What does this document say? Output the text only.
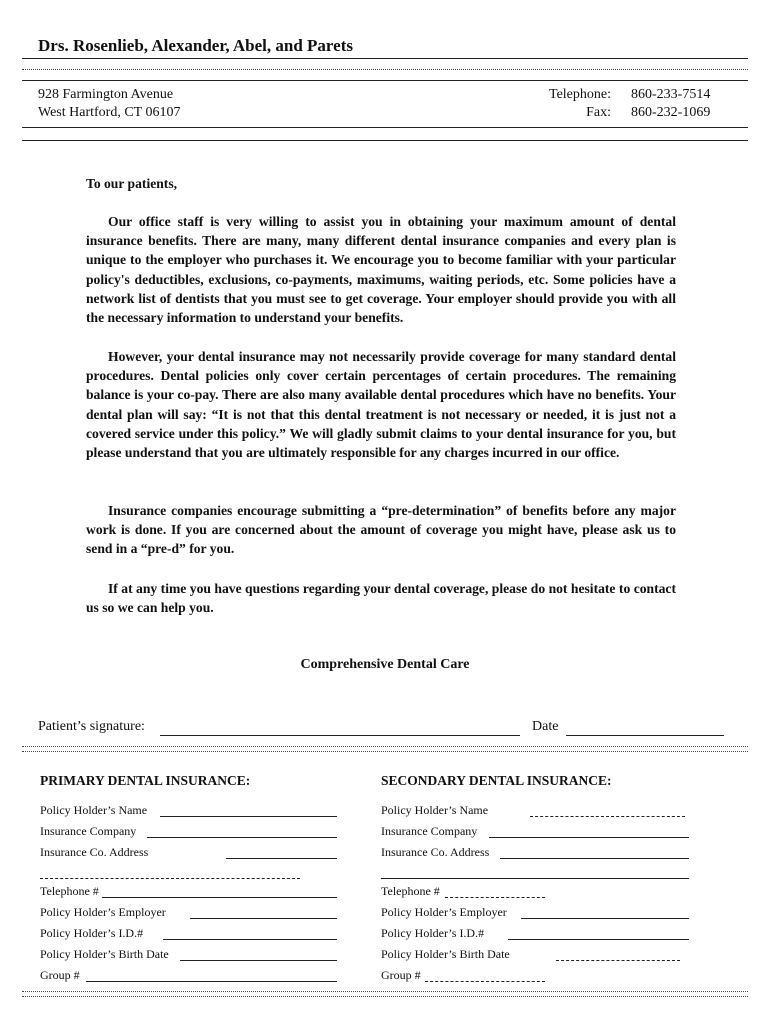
Drs. Rosenlieb, Alexander, Abel, and Parets
928 Farmington Avenue
West Hartford, CT 06107
Telephone: 860-233-7514
Fax: 860-232-1069
To our patients,

Our office staff is very willing to assist you in obtaining your maximum amount of dental insurance benefits. There are many, many different dental insurance companies and every plan is unique to the employer who purchases it. We encourage you to become familiar with your particular policy's deductibles, exclusions, co-payments, maximums, waiting periods, etc. Some policies have a network list of dentists that you must see to get coverage. Your employer should provide you with all the necessary information to understand your benefits.

However, your dental insurance may not necessarily provide coverage for many standard dental procedures. Dental policies only cover certain percentages of certain procedures. The remaining balance is your co-pay. There are also many available dental procedures which have no benefits. Your dental plan will say: “It is not that this dental treatment is not necessary or needed, it is just not a covered service under this policy.” We will gladly submit claims to your dental insurance for you, but please understand that you are ultimately responsible for any charges incurred in our office.

Insurance companies encourage submitting a “pre-determination” of benefits before any major work is done. If you are concerned about the amount of coverage you might have, please ask us to send in a “pre-d” for you.

If at any time you have questions regarding your dental coverage, please do not hesitate to contact us so we can help you.

Comprehensive Dental Care
Patient’s signature:	Date
PRIMARY DENTAL INSURANCE:
Policy Holder’s Name
Insurance Company
Insurance Co. Address
Telephone #
Policy Holder’s Employer
Policy Holder’s I.D.#
Policy Holder’s Birth Date
Group #
SECONDARY DENTAL INSURANCE:
Policy Holder’s Name
Insurance Company
Insurance Co. Address
Telephone #
Policy Holder’s Employer
Policy Holder’s I.D.#
Policy Holder’s Birth Date
Group #
